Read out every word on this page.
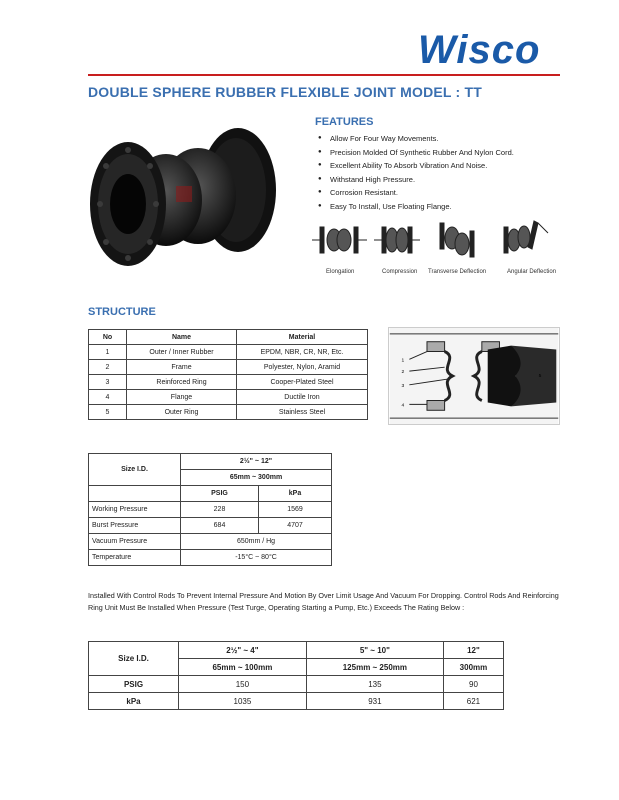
Wisco
DOUBLE SPHERE RUBBER FLEXIBLE JOINT MODEL : TT
FEATURES
● Allow For Four Way Movements.
● Precision Molded Of Synthetic Rubber And Nylon Cord.
● Excellent Ability To Absorb Vibration And Noise.
● Withstand High Pressure.
● Corrosion Resistant.
● Easy To Install, Use Floating Flange.
Elongation	Compression Transverse Deflection	Angular Deflection
STRUCTURE
No	Name	Material
1	Outer / Inner Rubber	EPDM, NBR, CR, NR, Etc.
2	Frame	Polyester, Nylon, Aramid
3	Reinforced Ring	Cooper-Plated Steel
4	Flange	Ductile Iron
5	Outer Ring	Stainless Steel
1
2
3
4
5
Size I.D.	2½" ~ 12"	
	65mm ~ 300mm	
	PSIG	kPa
Working Pressure	228	1569
Burst Pressure	684	4707
Vacuum Pressure	650mm / Hg	
Temperature	-15°C ~ 80°C	
Installed With Control Rods To Prevent Internal Pressure And Motion By Over Limit Usage And Vacuum For Dropping. Control Rods And Reinforcing Ring Unit Must Be Installed When Pressure (Test Turge, Operating Starting a Pump, Etc.) Exceeds The Rating Below :
Size I.D.	2½" ~ 4"	5" ~ 10"	12"
	65mm ~ 100mm	125mm ~ 250mm	300mm
PSIG	150	135	90
kPa	1035	931	621
